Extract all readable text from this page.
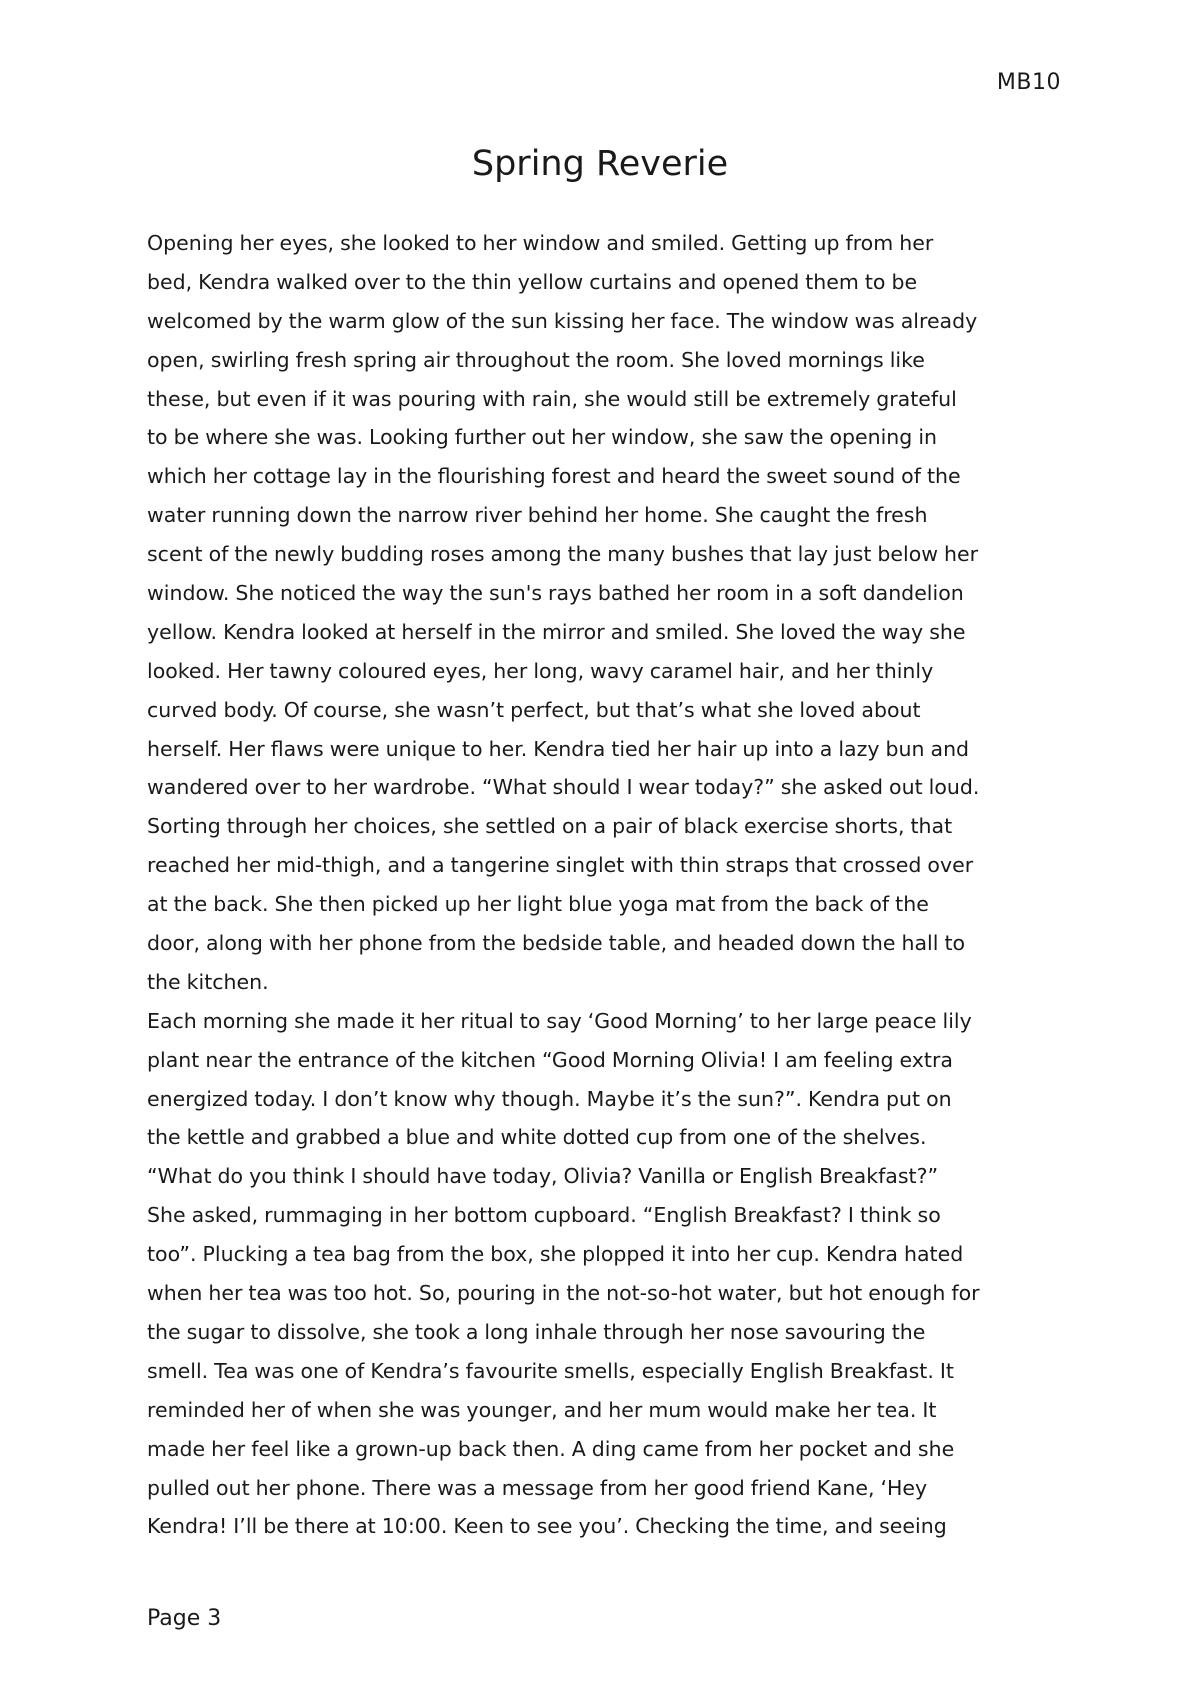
MB10
Spring Reverie
Opening her eyes, she looked to her window and smiled. Getting up from her
bed, Kendra walked over to the thin yellow curtains and opened them to be
welcomed by the warm glow of the sun kissing her face. The window was already
open, swirling fresh spring air throughout the room. She loved mornings like
these, but even if it was pouring with rain, she would still be extremely grateful
to be where she was. Looking further out her window, she saw the opening in
which her cottage lay in the flourishing forest and heard the sweet sound of the
water running down the narrow river behind her home. She caught the fresh
scent of the newly budding roses among the many bushes that lay just below her
window. She noticed the way the sun's rays bathed her room in a soft dandelion
yellow. Kendra looked at herself in the mirror and smiled. She loved the way she
looked. Her tawny coloured eyes, her long, wavy caramel hair, and her thinly
curved body. Of course, she wasn’t perfect, but that’s what she loved about
herself. Her flaws were unique to her. Kendra tied her hair up into a lazy bun and
wandered over to her wardrobe. “What should I wear today?” she asked out loud.
Sorting through her choices, she settled on a pair of black exercise shorts, that
reached her mid-thigh, and a tangerine singlet with thin straps that crossed over
at the back. She then picked up her light blue yoga mat from the back of the
door, along with her phone from the bedside table, and headed down the hall to
the kitchen.
Each morning she made it her ritual to say ‘Good Morning’ to her large peace lily
plant near the entrance of the kitchen “Good Morning Olivia! I am feeling extra
energized today. I don’t know why though. Maybe it’s the sun?”. Kendra put on
the kettle and grabbed a blue and white dotted cup from one of the shelves.
“What do you think I should have today, Olivia? Vanilla or English Breakfast?”
She asked, rummaging in her bottom cupboard. “English Breakfast? I think so
too”. Plucking a tea bag from the box, she plopped it into her cup. Kendra hated
when her tea was too hot. So, pouring in the not-so-hot water, but hot enough for
the sugar to dissolve, she took a long inhale through her nose savouring the
smell. Tea was one of Kendra’s favourite smells, especially English Breakfast. It
reminded her of when she was younger, and her mum would make her tea. It
made her feel like a grown-up back then. A ding came from her pocket and she
pulled out her phone. There was a message from her good friend Kane, ‘Hey
Kendra! I’ll be there at 10:00. Keen to see you’. Checking the time, and seeing
Page 3
